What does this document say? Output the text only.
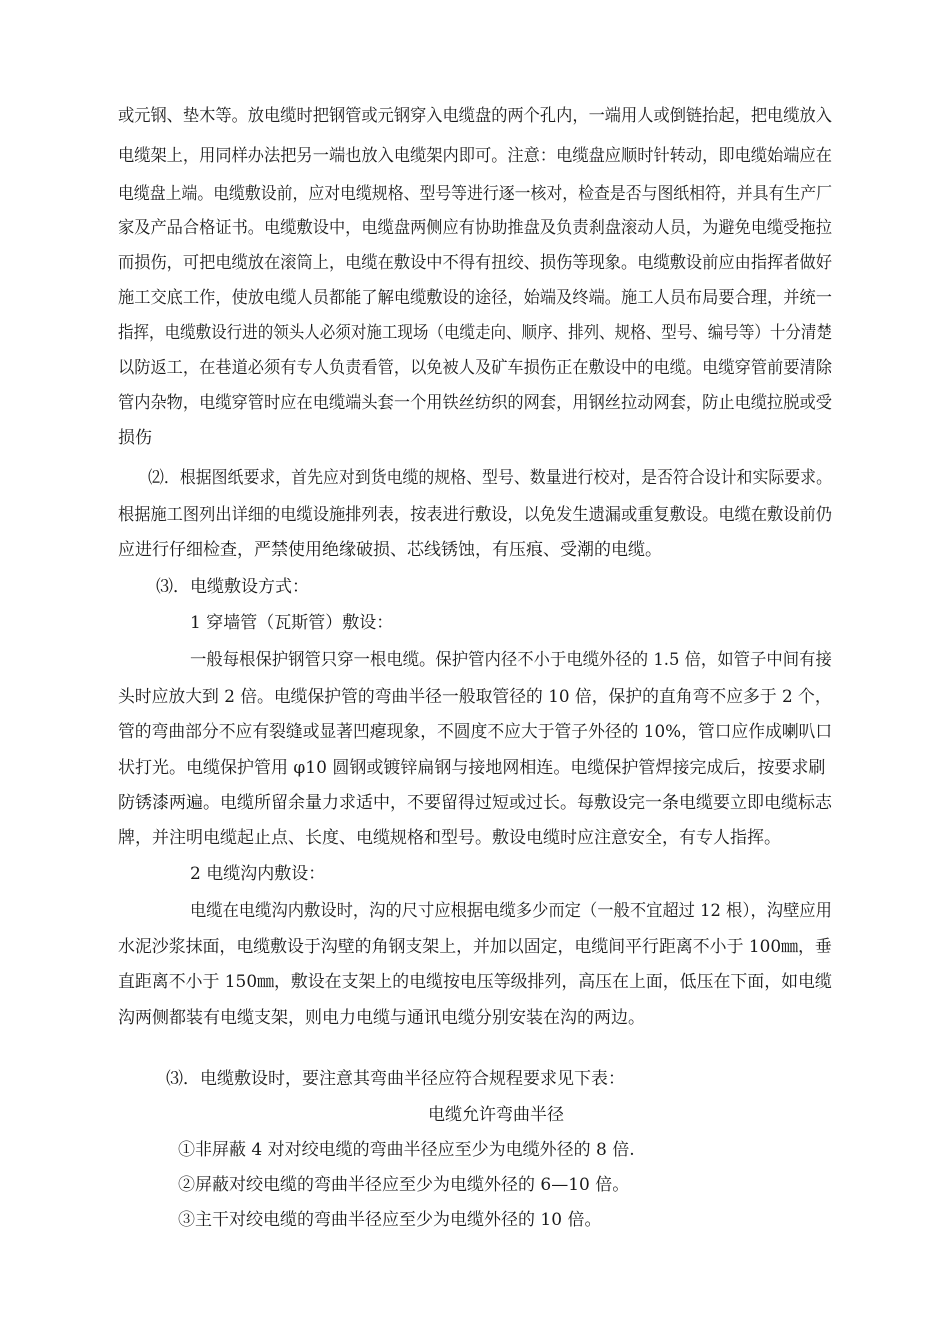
或元钢、垫木等。放电缆时把钢管或元钢穿入电缆盘的两个孔内，一端用人或倒链抬起，把电缆放入
电缆架上，用同样办法把另一端也放入电缆架内即可。注意：电缆盘应顺时针转动，即电缆始端应在
电缆盘上端。电缆敷设前，应对电缆规格、型号等进行逐一核对，检查是否与图纸相符，并具有生产厂
家及产品合格证书。电缆敷设中，电缆盘两侧应有协助推盘及负责刹盘滚动人员，为避免电缆受拖拉
而损伤，可把电缆放在滚筒上，电缆在敷设中不得有扭绞、损伤等现象。电缆敷设前应由指挥者做好
施工交底工作，使放电缆人员都能了解电缆敷设的途径，始端及终端。施工人员布局要合理，并统一
指挥，电缆敷设行进的领头人必须对施工现场（电缆走向、顺序、排列、规格、型号、编号等）十分清楚
以防返工，在巷道必须有专人负责看管，以免被人及矿车损伤正在敷设中的电缆。电缆穿管前要清除
管内杂物，电缆穿管时应在电缆端头套一个用铁丝纺织的网套，用钢丝拉动网套，防止电缆拉脱或受
损伤
⑵．根据图纸要求，首先应对到货电缆的规格、型号、数量进行校对，是否符合设计和实际要求。
根据施工图列出详细的电缆设施排列表，按表进行敷设，以免发生遗漏或重复敷设。电缆在敷设前仍
应进行仔细检查，严禁使用绝缘破损、芯线锈蚀，有压痕、受潮的电缆。
⑶．电缆敷设方式：
1 穿墙管（瓦斯管）敷设：
一般每根保护钢管只穿一根电缆。保护管内径不小于电缆外径的 1.5 倍，如管子中间有接
头时应放大到 2 倍。电缆保护管的弯曲半径一般取管径的 10 倍，保护的直角弯不应多于 2 个，
管的弯曲部分不应有裂缝或显著凹瘪现象，不圆度不应大于管子外径的 10%，管口应作成喇叭口
状打光。电缆保护管用 φ10 圆钢或镀锌扁钢与接地网相连。电缆保护管焊接完成后，按要求刷
防锈漆两遍。电缆所留余量力求适中，不要留得过短或过长。每敷设完一条电缆要立即电缆标志
牌，并注明电缆起止点、长度、电缆规格和型号。敷设电缆时应注意安全，有专人指挥。
2 电缆沟内敷设：
电缆在电缆沟内敷设时，沟的尺寸应根据电缆多少而定（一般不宜超过 12 根），沟壁应用
水泥沙浆抹面，电缆敷设于沟壁的角钢支架上，并加以固定，电缆间平行距离不小于 100㎜，垂
直距离不小于 150㎜，敷设在支架上的电缆按电压等级排列，高压在上面，低压在下面，如电缆
沟两侧都装有电缆支架，则电力电缆与通讯电缆分别安装在沟的两边。
⑶．电缆敷设时，要注意其弯曲半径应符合规程要求见下表：
电缆允许弯曲半径
①非屏蔽 4 对对绞电缆的弯曲半径应至少为电缆外径的 8 倍.
②屏蔽对绞电缆的弯曲半径应至少为电缆外径的 6—10 倍。
③主干对绞电缆的弯曲半径应至少为电缆外径的 10 倍。
